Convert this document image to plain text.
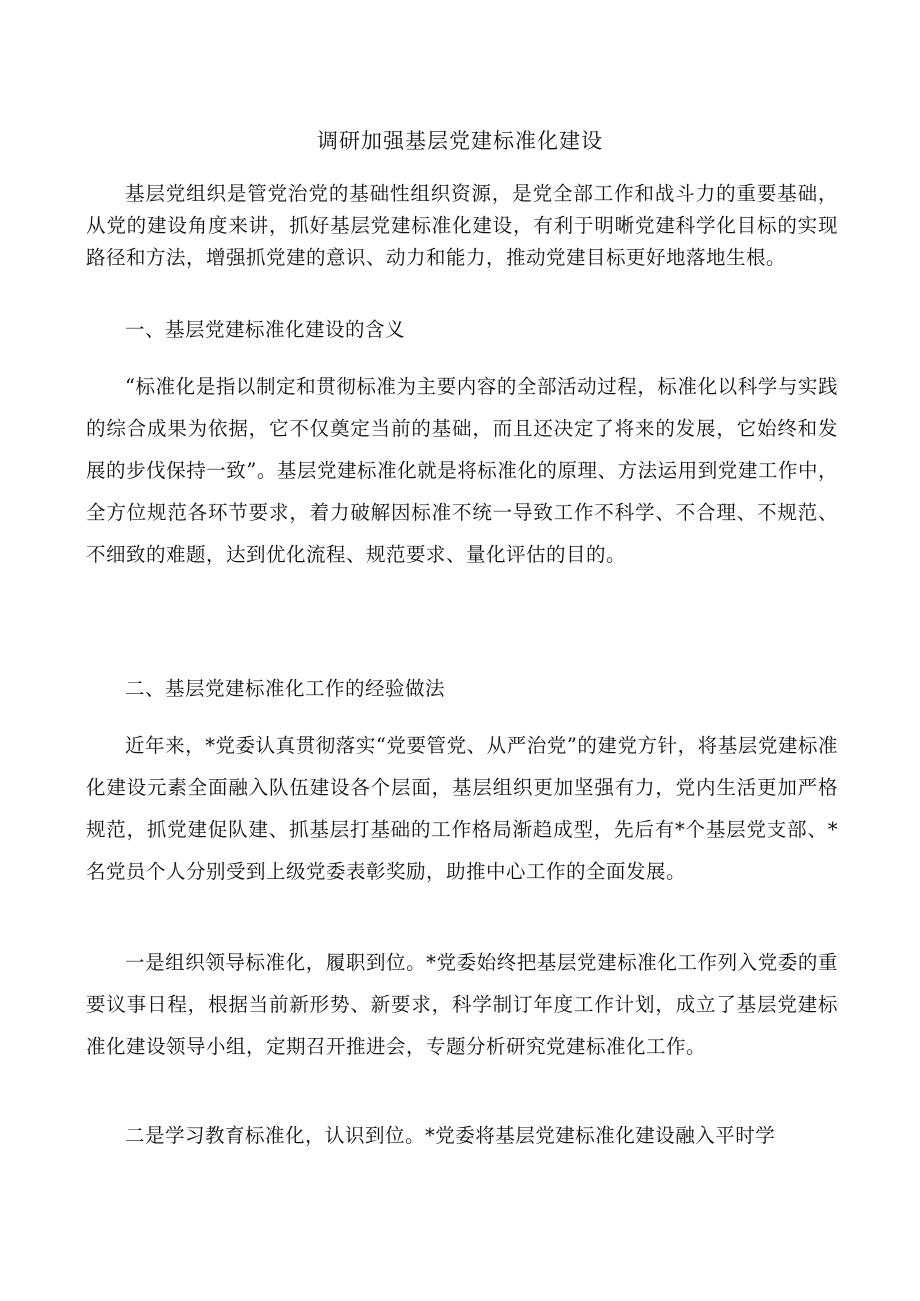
调研加强基层党建标准化建设

基层党组织是管党治党的基础性组织资源，是党全部工作和战斗力的重要基础，从党的建设角度来讲，抓好基层党建标准化建设，有利于明晰党建科学化目标的实现路径和方法，增强抓党建的意识、动力和能力，推动党建目标更好地落地生根。

一、基层党建标准化建设的含义

“标准化是指以制定和贯彻标准为主要内容的全部活动过程，标准化以科学与实践的综合成果为依据，它不仅奠定当前的基础，而且还决定了将来的发展，它始终和发展的步伐保持一致”。基层党建标准化就是将标准化的原理、方法运用到党建工作中，全方位规范各环节要求，着力破解因标准不统一导致工作不科学、不合理、不规范、不细致的难题，达到优化流程、规范要求、量化评估的目的。

二、基层党建标准化工作的经验做法

近年来，*党委认真贯彻落实“党要管党、从严治党”的建党方针，将基层党建标准化建设元素全面融入队伍建设各个层面，基层组织更加坚强有力，党内生活更加严格规范，抓党建促队建、抓基层打基础的工作格局渐趋成型，先后有*个基层党支部、*名党员个人分别受到上级党委表彰奖励，助推中心工作的全面发展。

一是组织领导标准化，履职到位。*党委始终把基层党建标准化工作列入党委的重要议事日程，根据当前新形势、新要求，科学制订年度工作计划，成立了基层党建标准化建设领导小组，定期召开推进会，专题分析研究党建标准化工作。

二是学习教育标准化，认识到位。*党委将基层党建标准化建设融入平时学
